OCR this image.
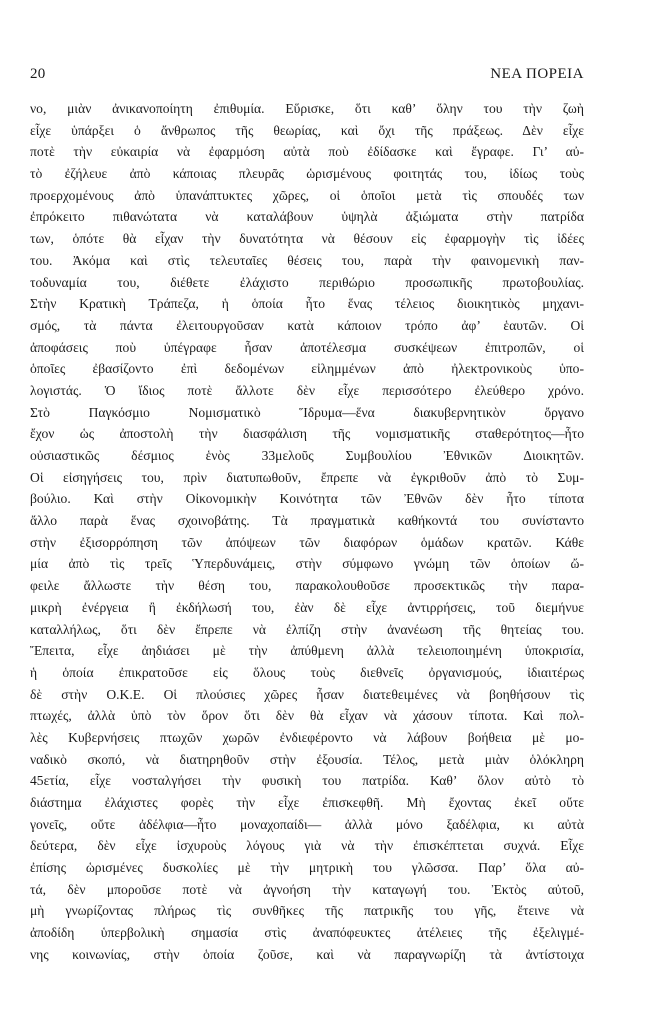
20	ΝΕΑ ΠΟΡΕΙΑ
νο, μιὰν ἀνικανοποίητη ἐπιθυμία. Εὕρισκε, ὅτι καθ’ ὅλην του τὴν ζωὴ
εἶχε ὑπάρξει ὁ ἄνθρωπος τῆς θεωρίας, καὶ ὄχι τῆς πράξεως. Δὲν εἶχε
ποτὲ τὴν εὐκαιρία νὰ ἐφαρμόση αὐτὰ ποὺ ἐδίδασκε καὶ ἔγραφε. Γι’ αὐ-
τὸ ἐζήλευε ἀπὸ κάποιας πλευρᾶς ὡρισμένους φοιτητάς του, ἰδίως τοὺς
προερχομένους ἀπὸ ὑπανάπτυκτες χῶρες, οἱ ὁποῖοι μετὰ τὶς σπουδές των
ἐπρόκειτο πιθανώτατα νὰ καταλάβουν ὑψηλὰ ἀξιώματα στὴν πατρίδα
των, ὁπότε θὰ εἶχαν τὴν δυνατότητα νὰ θέσουν εἰς ἐφαρμογὴν τὶς ἰδέες
του. Ἀκόμα καὶ στὶς τελευταῖες θέσεις του, παρὰ τὴν φαινομενικὴ παν-
τοδυναμία του, διέθετε ἐλάχιστο περιθώριο προσωπικῆς πρωτοβουλίας.
Στὴν Κρατικὴ Τράπεζα, ἡ ὁποία ἦτο ἕνας τέλειος διοικητικὸς μηχανι-
σμός, τὰ πάντα ἐλειτουργοῦσαν κατὰ κάποιον τρόπο ἀφ’ ἑαυτῶν. Οἱ
ἀποφάσεις ποὺ ὑπέγραφε ἦσαν ἀποτέλεσμα συσκέψεων ἐπιτροπῶν, οἱ
ὁποῖες ἐβασίζοντο ἐπὶ δεδομένων εἰλημμένων ἀπὸ ἠλεκτρονικοὺς ὑπο-
λογιστάς. Ὁ ἴδιος ποτὲ ἄλλοτε δὲν εἶχε περισσότερο ἐλεύθερο χρόνο.
Στὸ Παγκόσμιο Νομισματικὸ Ἵδρυμα—ἕνα διακυβερνητικὸν ὄργανο
ἔχον ὡς ἀποστολὴ τὴν διασφάλιση τῆς νομισματικῆς σταθερότητος—ἦτο
οὐσιαστικῶς δέσμιος ἑνὸς 33μελοῦς Συμβουλίου Ἐθνικῶν Διοικητῶν.
Οἱ εἰσηγήσεις του, πρὶν διατυπωθοῦν, ἔπρεπε νὰ ἐγκριθοῦν ἀπὸ τὸ Συμ-
βούλιο. Καὶ στὴν Οἰκονομικὴν Κοινότητα τῶν Ἐθνῶν δὲν ἦτο τίποτα
ἄλλο παρὰ ἕνας σχοινοβάτης. Τὰ πραγματικὰ καθήκοντά του συνίσταντο
στὴν ἐξισορρόπηση τῶν ἀπόψεων τῶν διαφόρων ὁμάδων κρατῶν. Κάθε
μία ἀπὸ τὶς τρεῖς Ὑπερδυνάμεις, στὴν σύμφωνο γνώμη τῶν ὁποίων ὤ-
φειλε ἄλλωστε τὴν θέση του, παρακολουθοῦσε προσεκτικῶς τὴν παρα-
μικρὴ ἐνέργεια ἢ ἐκδήλωσή του, ἐὰν δὲ εἶχε ἀντιρρήσεις, τοῦ διεμήνυε
καταλλήλως, ὅτι δὲν ἔπρεπε νὰ ἐλπίζη στὴν ἀνανέωση τῆς θητείας του.
Ἔπειτα, εἶχε ἀηδιάσει μὲ τὴν ἀπύθμενη ἀλλὰ τελειοποιημένη ὑποκρισία,
ἡ ὁποία ἐπικρατοῦσε εἰς ὅλους τοὺς διεθνεῖς ὀργανισμούς, ἰδιαιτέρως
δὲ στὴν Ο.Κ.Ε. Οἱ πλούσιες χῶρες ἦσαν διατεθειμένες νὰ βοηθήσουν τὶς
πτωχές, ἀλλὰ ὑπὸ τὸν ὅρον ὅτι δὲν θὰ εἶχαν νὰ χάσουν τίποτα. Καὶ πολ-
λὲς Κυβερνήσεις πτωχῶν χωρῶν ἐνδιεφέροντο νὰ λάβουν βοήθεια μὲ μο-
ναδικὸ σκοπό, νὰ διατηρηθοῦν στὴν ἐξουσία. Τέλος, μετὰ μιὰν ὁλόκληρη
45ετία, εἶχε νοσταλγήσει τὴν φυσικὴ του πατρίδα. Καθ’ ὅλον αὐτὸ τὸ
διάστημα ἐλάχιστες φορὲς τὴν εἶχε ἐπισκεφθῆ. Μὴ ἔχοντας ἐκεῖ οὔτε
γονεῖς, οὔτε ἀδέλφια—ἦτο μοναχοπαίδι— ἀλλὰ μόνο ξαδέλφια, κι αὐτὰ
δεύτερα, δὲν εἶχε ἰσχυροὺς λόγους γιὰ νὰ τὴν ἐπισκέπτεται συχνά. Εἶχε
ἐπίσης ὡρισμένες δυσκολίες μὲ τὴν μητρικὴ του γλῶσσα. Παρ’ ὅλα αὐ-
τά, δὲν μποροῦσε ποτὲ νὰ ἀγνοήση τὴν καταγωγή του. Ἐκτὸς αὐτοῦ,
μὴ γνωρίζοντας πλήρως τὶς συνθῆκες τῆς πατρικῆς του γῆς, ἔτεινε νὰ
ἀποδίδη ὑπερβολικὴ σημασία στὶς ἀναπόφευκτες ἀτέλειες τῆς ἐξελιγμέ-
νης κοινωνίας, στὴν ὁποία ζοῦσε, καὶ νὰ παραγνωρίζη τὰ ἀντίστοιχα
